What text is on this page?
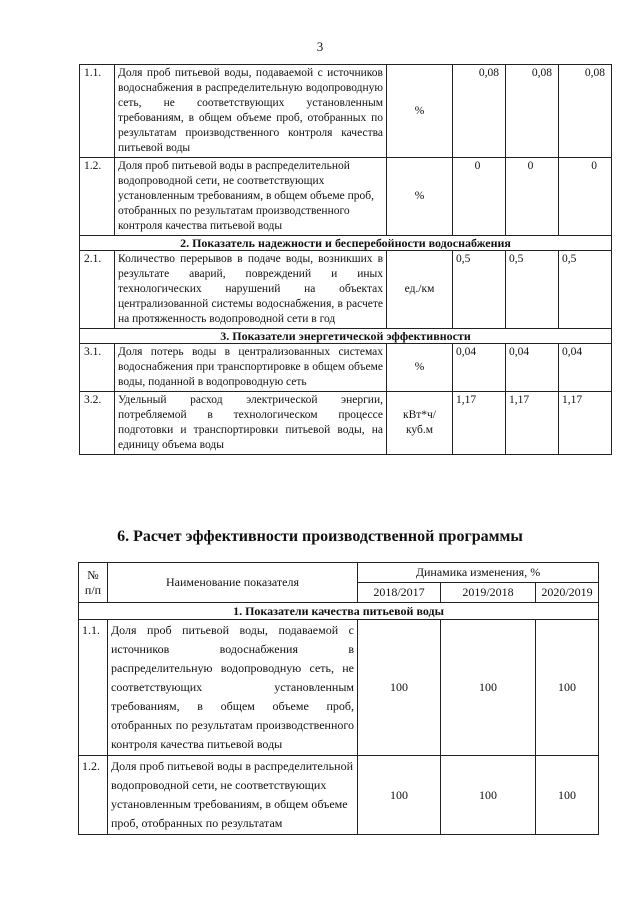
3
1.1.	Доля проб питьевой воды, подаваемой с источников водоснабжения в распределительную водопроводную сеть, не соответствующих установленным требованиям, в общем объеме проб, отобранных по результатам производственного контроля качества питьевой воды	%	0,08	0,08	0,08
1.2.	Доля проб питьевой воды в распределительной водопроводной сети, не соответствующих установленным требованиям, в общем объеме проб, отобранных по результатам производственного контроля качества питьевой воды	%	0	0	0
2. Показатель надежности и бесперебойности водоснабжения					
2.1.	Количество перерывов в подаче воды, возникших в результате аварий, повреждений и иных технологических нарушений на объектах централизованной системы водоснабжения, в расчете на протяженность водопроводной сети в год	ед./км	0,5	0,5	0,5
3. Показатели энергетической эффективности					
3.1.	Доля потерь воды в централизованных системах водоснабжения при транспортировке в общем объеме воды, поданной в водопроводную сеть	%	0,04	0,04	0,04
3.2.	Удельный расход электрической энергии, потребляемой в технологическом процессе подготовки и транспортировки питьевой воды, на единицу объема воды	кВт*ч/ куб.м	1,17	1,17	1,17
6. Расчет эффективности производственной программы
№ п/п	Наименование показателя	Динамика изменения, %		
		2018/2017	2019/2018	2020/2019
1. Показатели качества питьевой воды				
1.1.	Доля проб питьевой воды, подаваемой с источников водоснабжения в распределительную водопроводную сеть, не соответствующих установленным требованиям, в общем объеме проб, отобранных по результатам производственного контроля качества питьевой воды	100	100	100
1.2.	Доля проб питьевой воды в распределительной водопроводной сети, не соответствующих установленным требованиям, в общем объеме проб, отобранных по результатам	100	100	100
